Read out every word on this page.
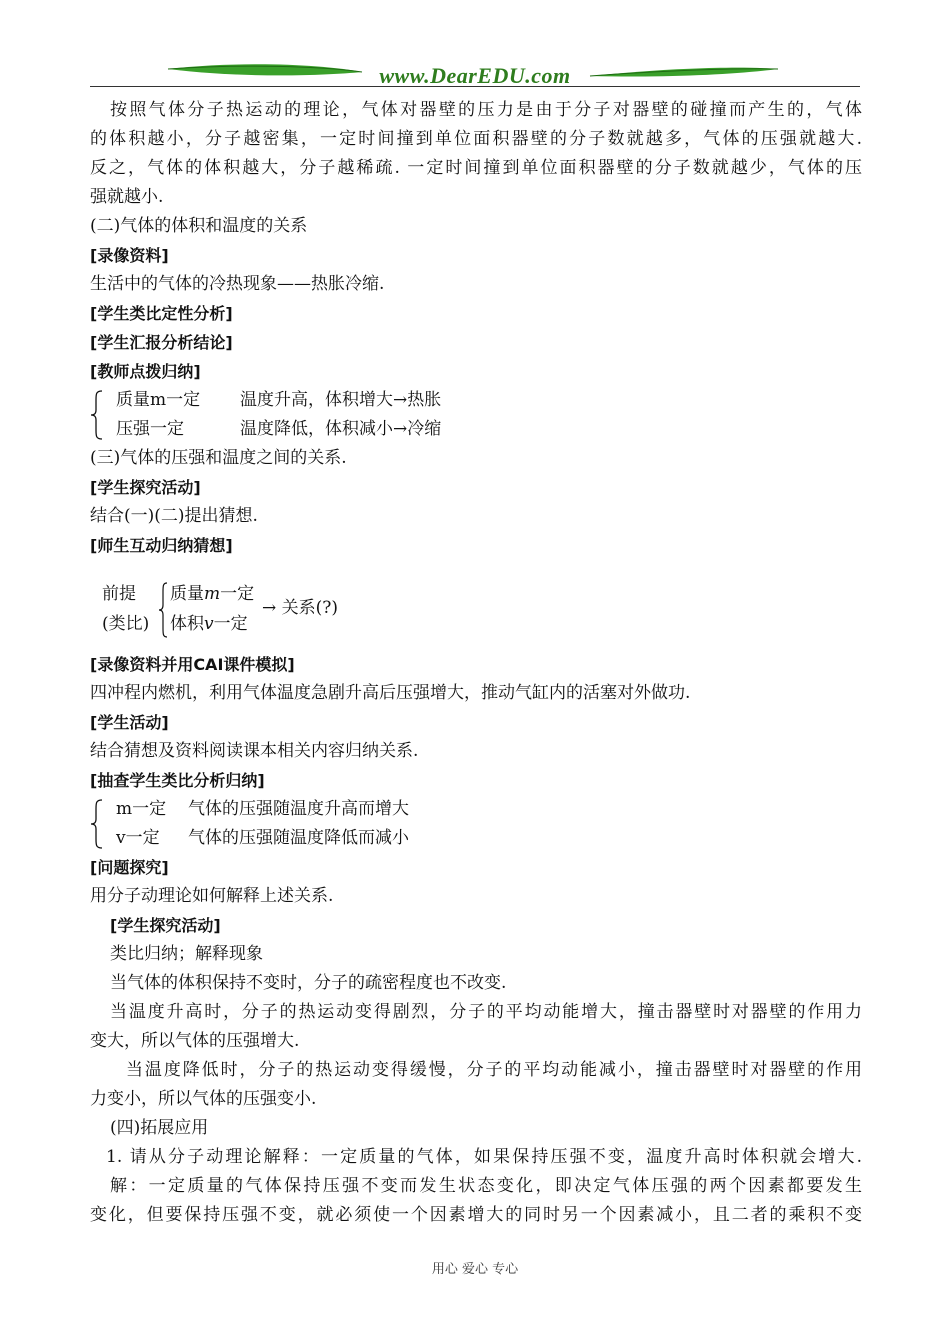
www.DearEDU.com
按照气体分子热运动的理论，气体对器壁的压力是由于分子对器壁的碰撞而产生的，气体
的体积越小，分子越密集，一定时间撞到单位面积器壁的分子数就越多，气体的压强就越大.
反之，气体的体积越大，分子越稀疏. 一定时间撞到单位面积器壁的分子数就越少，气体的压
强就越小.
(二)气体的体积和温度的关系
[录像资料]
生活中的气体的冷热现象——热胀冷缩.
[学生类比定性分析]
[学生汇报分析结论]
[教师点拨归纳]
质量m一定 温度升高，体积增大→热胀
压强一定	温度降低，体积减小→冷缩
(三)气体的压强和温度之间的关系.
[学生探究活动]
结合(一)(二)提出猜想.
[师生互动归纳猜想]
前提
(类比)
质量m一定
体积v一定
→ 关系(?)
[录像资料并用CAI课件模拟]
四冲程内燃机，利用气体温度急剧升高后压强增大，推动气缸内的活塞对外做功.
[学生活动]
结合猜想及资料阅读课本相关内容归纳关系.
[抽查学生类比分析归纳]
m一定 气体的压强随温度升高而增大
v一定 气体的压强随温度降低而减小
[问题探究]
用分子动理论如何解释上述关系.
[学生探究活动]
类比归纳；解释现象
当气体的体积保持不变时，分子的疏密程度也不改变.
当温度升高时，分子的热运动变得剧烈，分子的平均动能增大，撞击器壁时对器壁的作用力
变大，所以气体的压强增大.
当温度降低时，分子的热运动变得缓慢，分子的平均动能减小，撞击器壁时对器壁的作用
力变小，所以气体的压强变小.
(四)拓展应用
1. 请从分子动理论解释：一定质量的气体，如果保持压强不变，温度升高时体积就会增大.
解：一定质量的气体保持压强不变而发生状态变化，即决定气体压强的两个因素都要发生
变化，但要保持压强不变，就必须使一个因素增大的同时另一个因素减小，且二者的乘积不变
用心 爱心 专心
